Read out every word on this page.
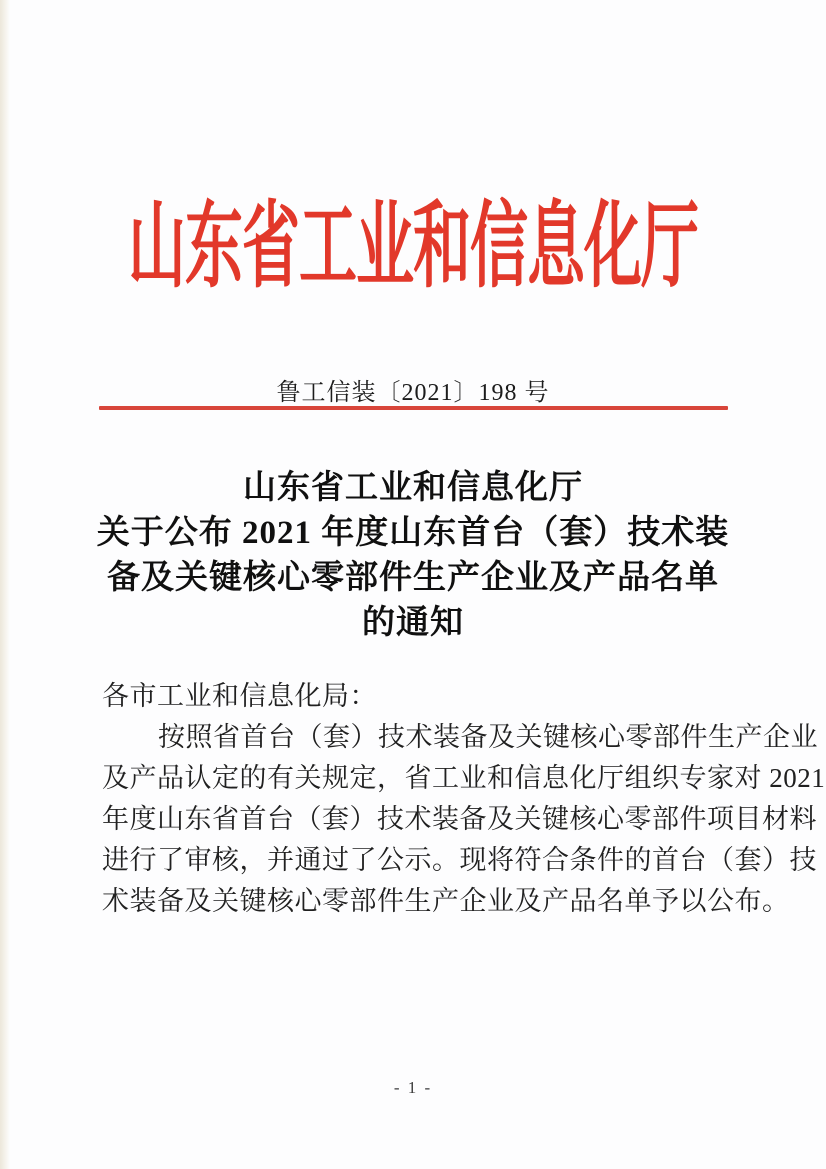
山东省工业和信息化厅
鲁工信装〔2021〕198 号
山东省工业和信息化厅
关于公布 2021 年度山东首台（套）技术装
备及关键核心零部件生产企业及产品名单
的通知
各市工业和信息化局：
按照省首台（套）技术装备及关键核心零部件生产企业
及产品认定的有关规定，省工业和信息化厅组织专家对 2021
年度山东省首台（套）技术装备及关键核心零部件项目材料
进行了审核，并通过了公示。现将符合条件的首台（套）技
术装备及关键核心零部件生产企业及产品名单予以公布。
- 1 -
